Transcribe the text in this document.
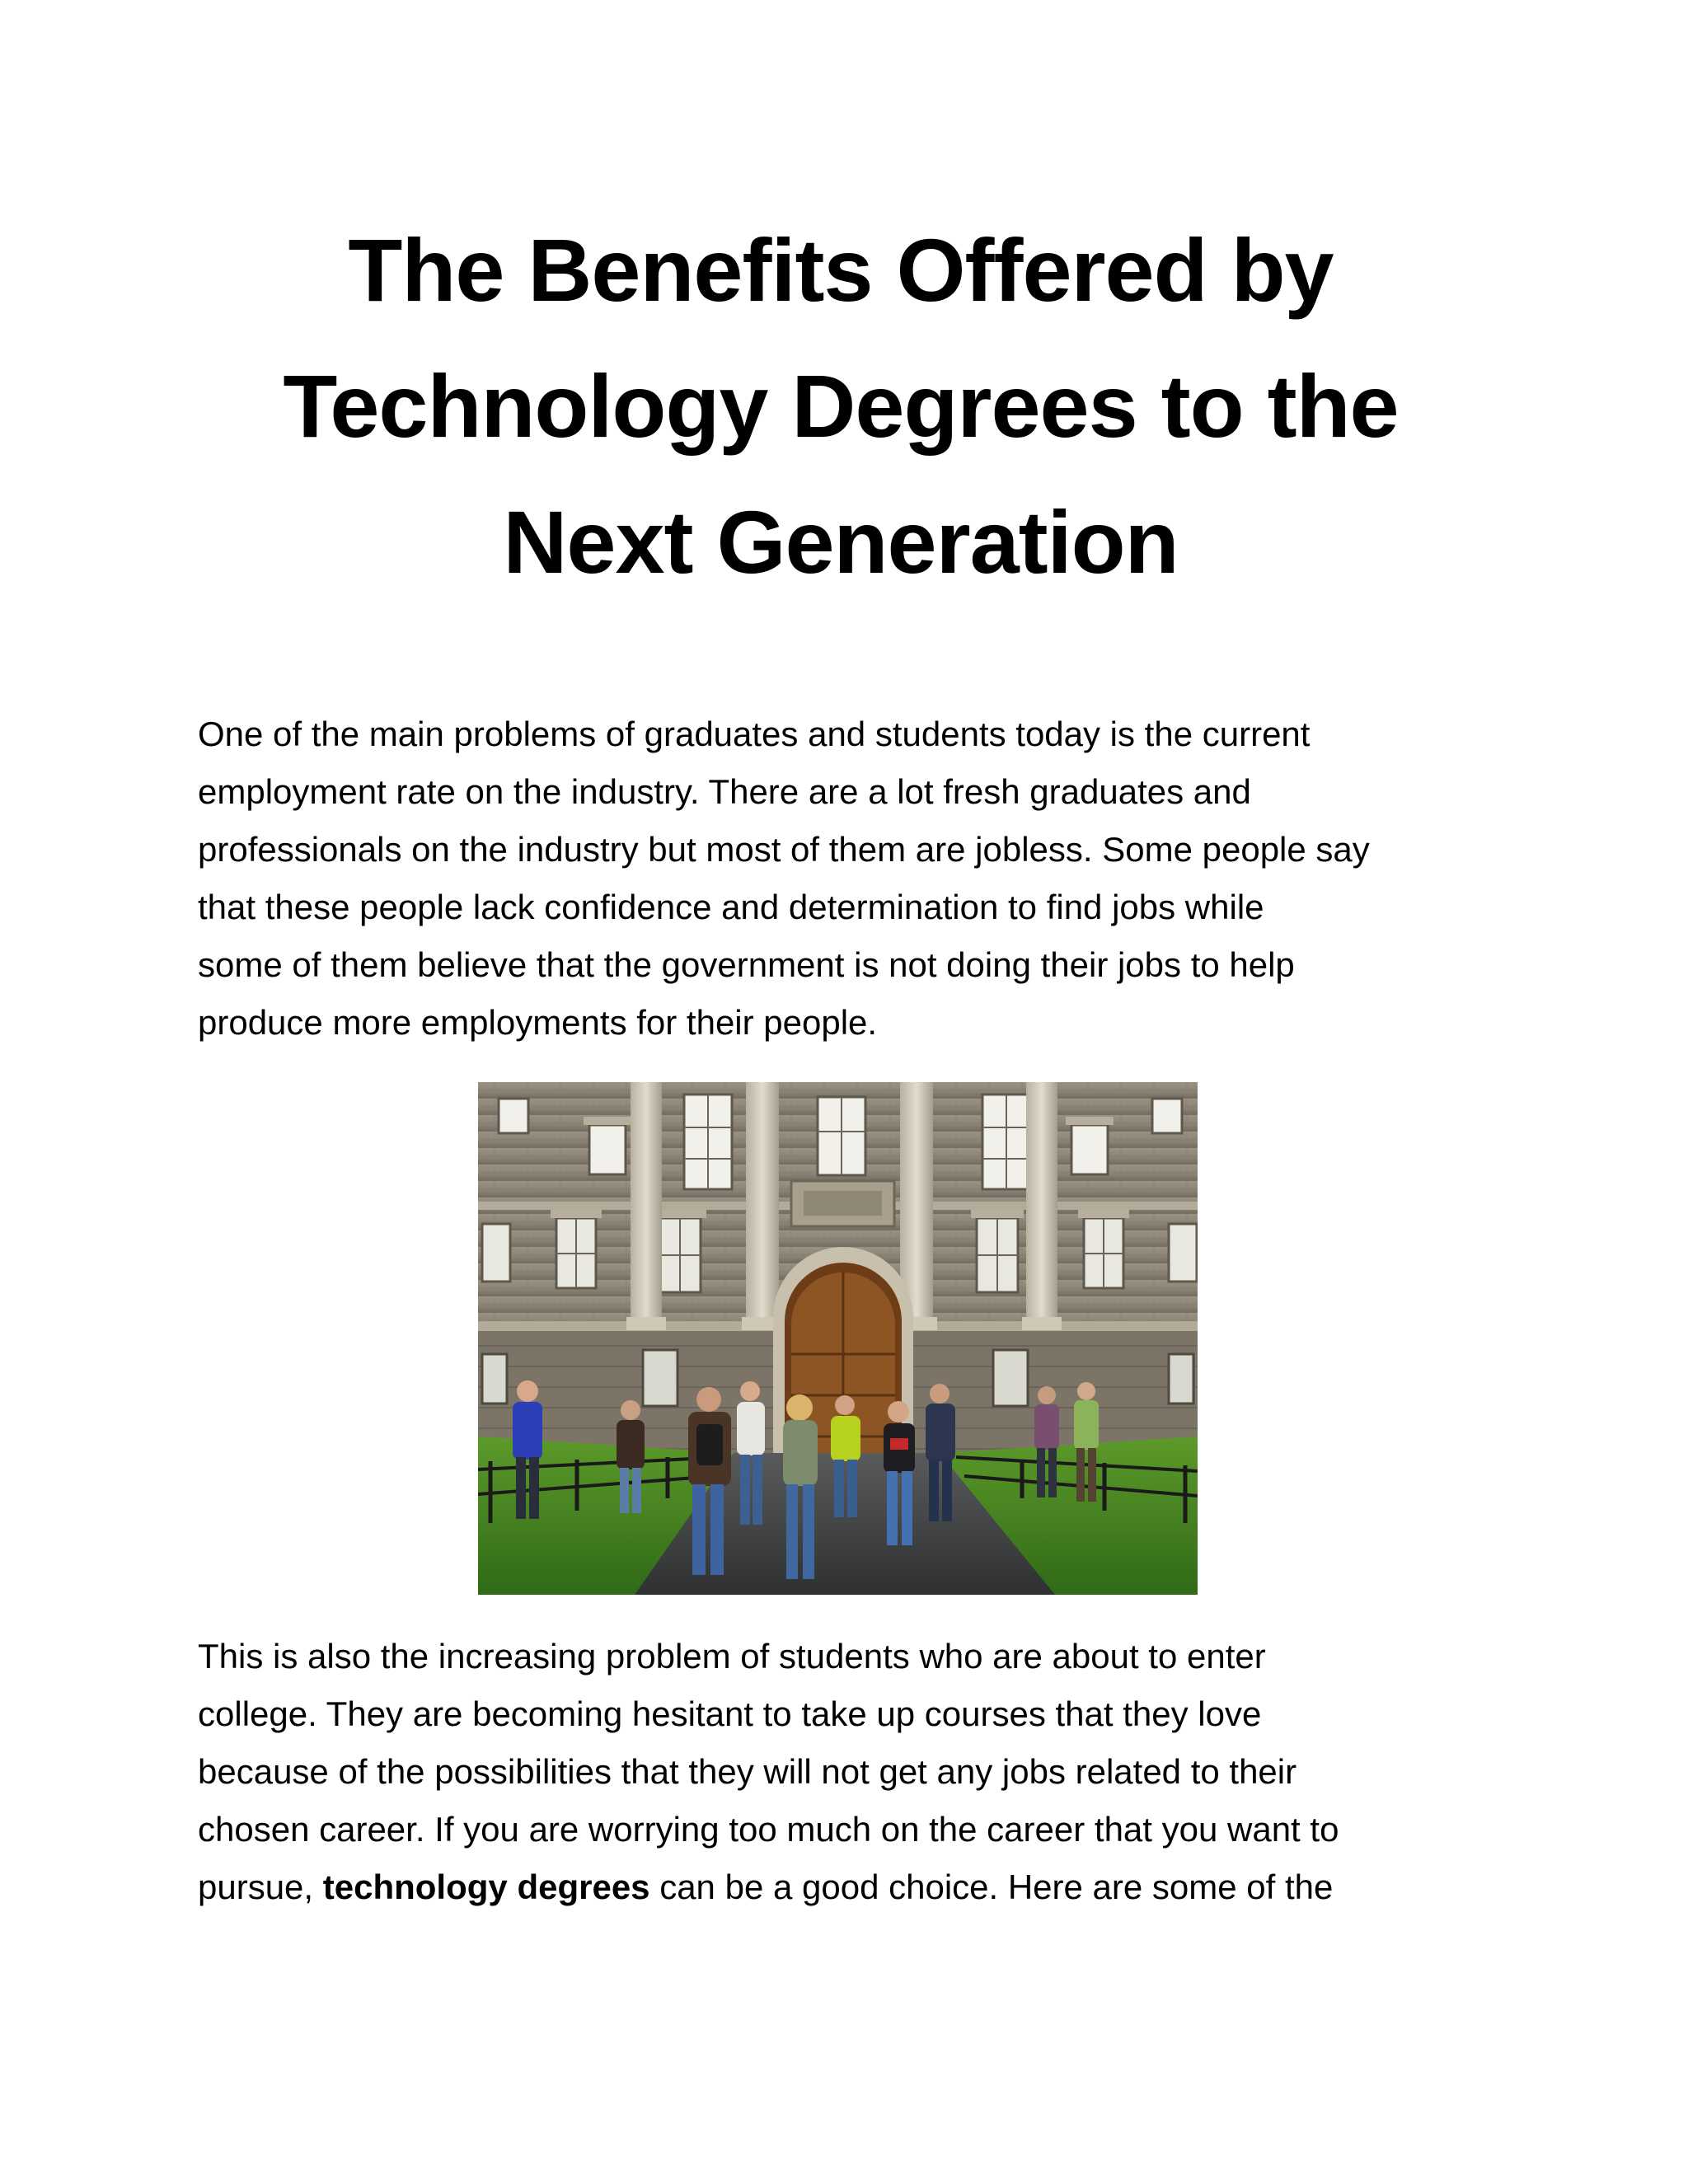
The Benefits Offered by
Technology Degrees to the
Next Generation

One of the main problems of graduates and students today is the current
employment rate on the industry. There are a lot fresh graduates and
professionals on the industry but most of them are jobless. Some people say
that these people lack confidence and determination to find jobs while
some of them believe that the government is not doing their jobs to help
produce more employments for their people.

This is also the increasing problem of students who are about to enter
college. They are becoming hesitant to take up courses that they love
because of the possibilities that they will not get any jobs related to their
chosen career. If you are worrying too much on the career that you want to
pursue, technology degrees can be a good choice. Here are some of the
